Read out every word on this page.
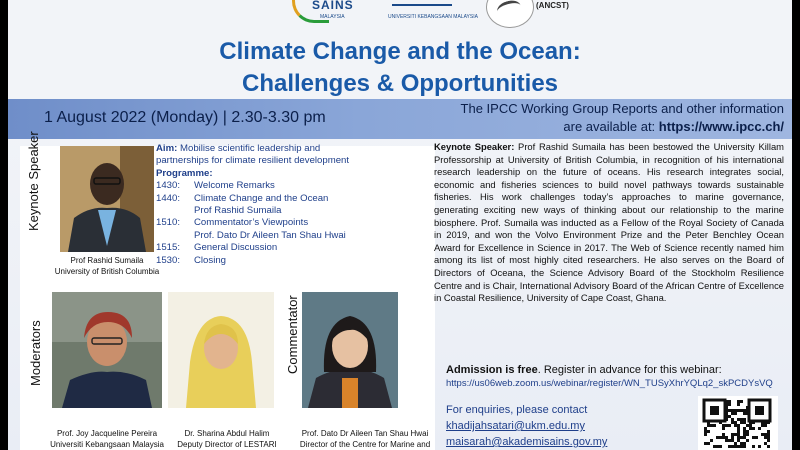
SAINS
MALAYSIA	UNIVERSITI KEBANGSAAN MALAYSIA
(ANCST)
Climate Change and the Ocean:
Challenges & Opportunities
1 August 2022 (Monday) | 2.30-3.30 pm
The IPCC Working Group Reports and other information
are available at: https://www.ipcc.ch/
Keynote Speaker
Prof Rashid Sumaila
University of British Columbia
Moderators
Prof. Joy Jacqueline Pereira
Universiti Kebangsaan Malaysia
Dr. Sharina Abdul Halim
Deputy Director of LESTARI
Commentator
Prof. Dato Dr Aileen Tan Shau Hwai
Director of the Centre for Marine and
Aim: Mobilise scientific leadership and
partnerships for climate resilient development
Programme:
1430:	Welcome Remarks
1440:	Climate Change and the Ocean
Prof Rashid Sumaila
1510:	Commentator’s Viewpoints
Prof. Dato Dr Aileen Tan Shau Hwai
1515:	General Discussion
1530:	Closing
Keynote Speaker: Prof Rashid Sumaila has been bestowed the University Killam Professorship at University of British Columbia, in recognition of his international research leadership on the future of oceans. His research integrates social, economic and fisheries sciences to build novel pathways towards sustainable fisheries. His work challenges today’s approaches to marine governance, generating exciting new ways of thinking about our relationship to the marine biosphere. Prof. Sumaila was inducted as a Fellow of the Royal Society of Canada in 2019, and won the Volvo Environment Prize and the Peter Benchley Ocean Award for Excellence in Science in 2017. The Web of Science recently named him among its list of most highly cited researchers. He also serves on the Board of Directors of Oceana, the Science Advisory Board of the Stockholm Resilience Centre and is Chair, International Advisory Board of the African Centre of Excellence in Coastal Resilience, University of Cape Coast, Ghana.
Admission is free. Register in advance for this webinar:
https://us06web.zoom.us/webinar/register/WN_TUSyXhrYQLq2_skPCDYsVQ
For enquiries, please contact
khadijahsatari@ukm.edu.my
maisarah@akademisains.gov.my
